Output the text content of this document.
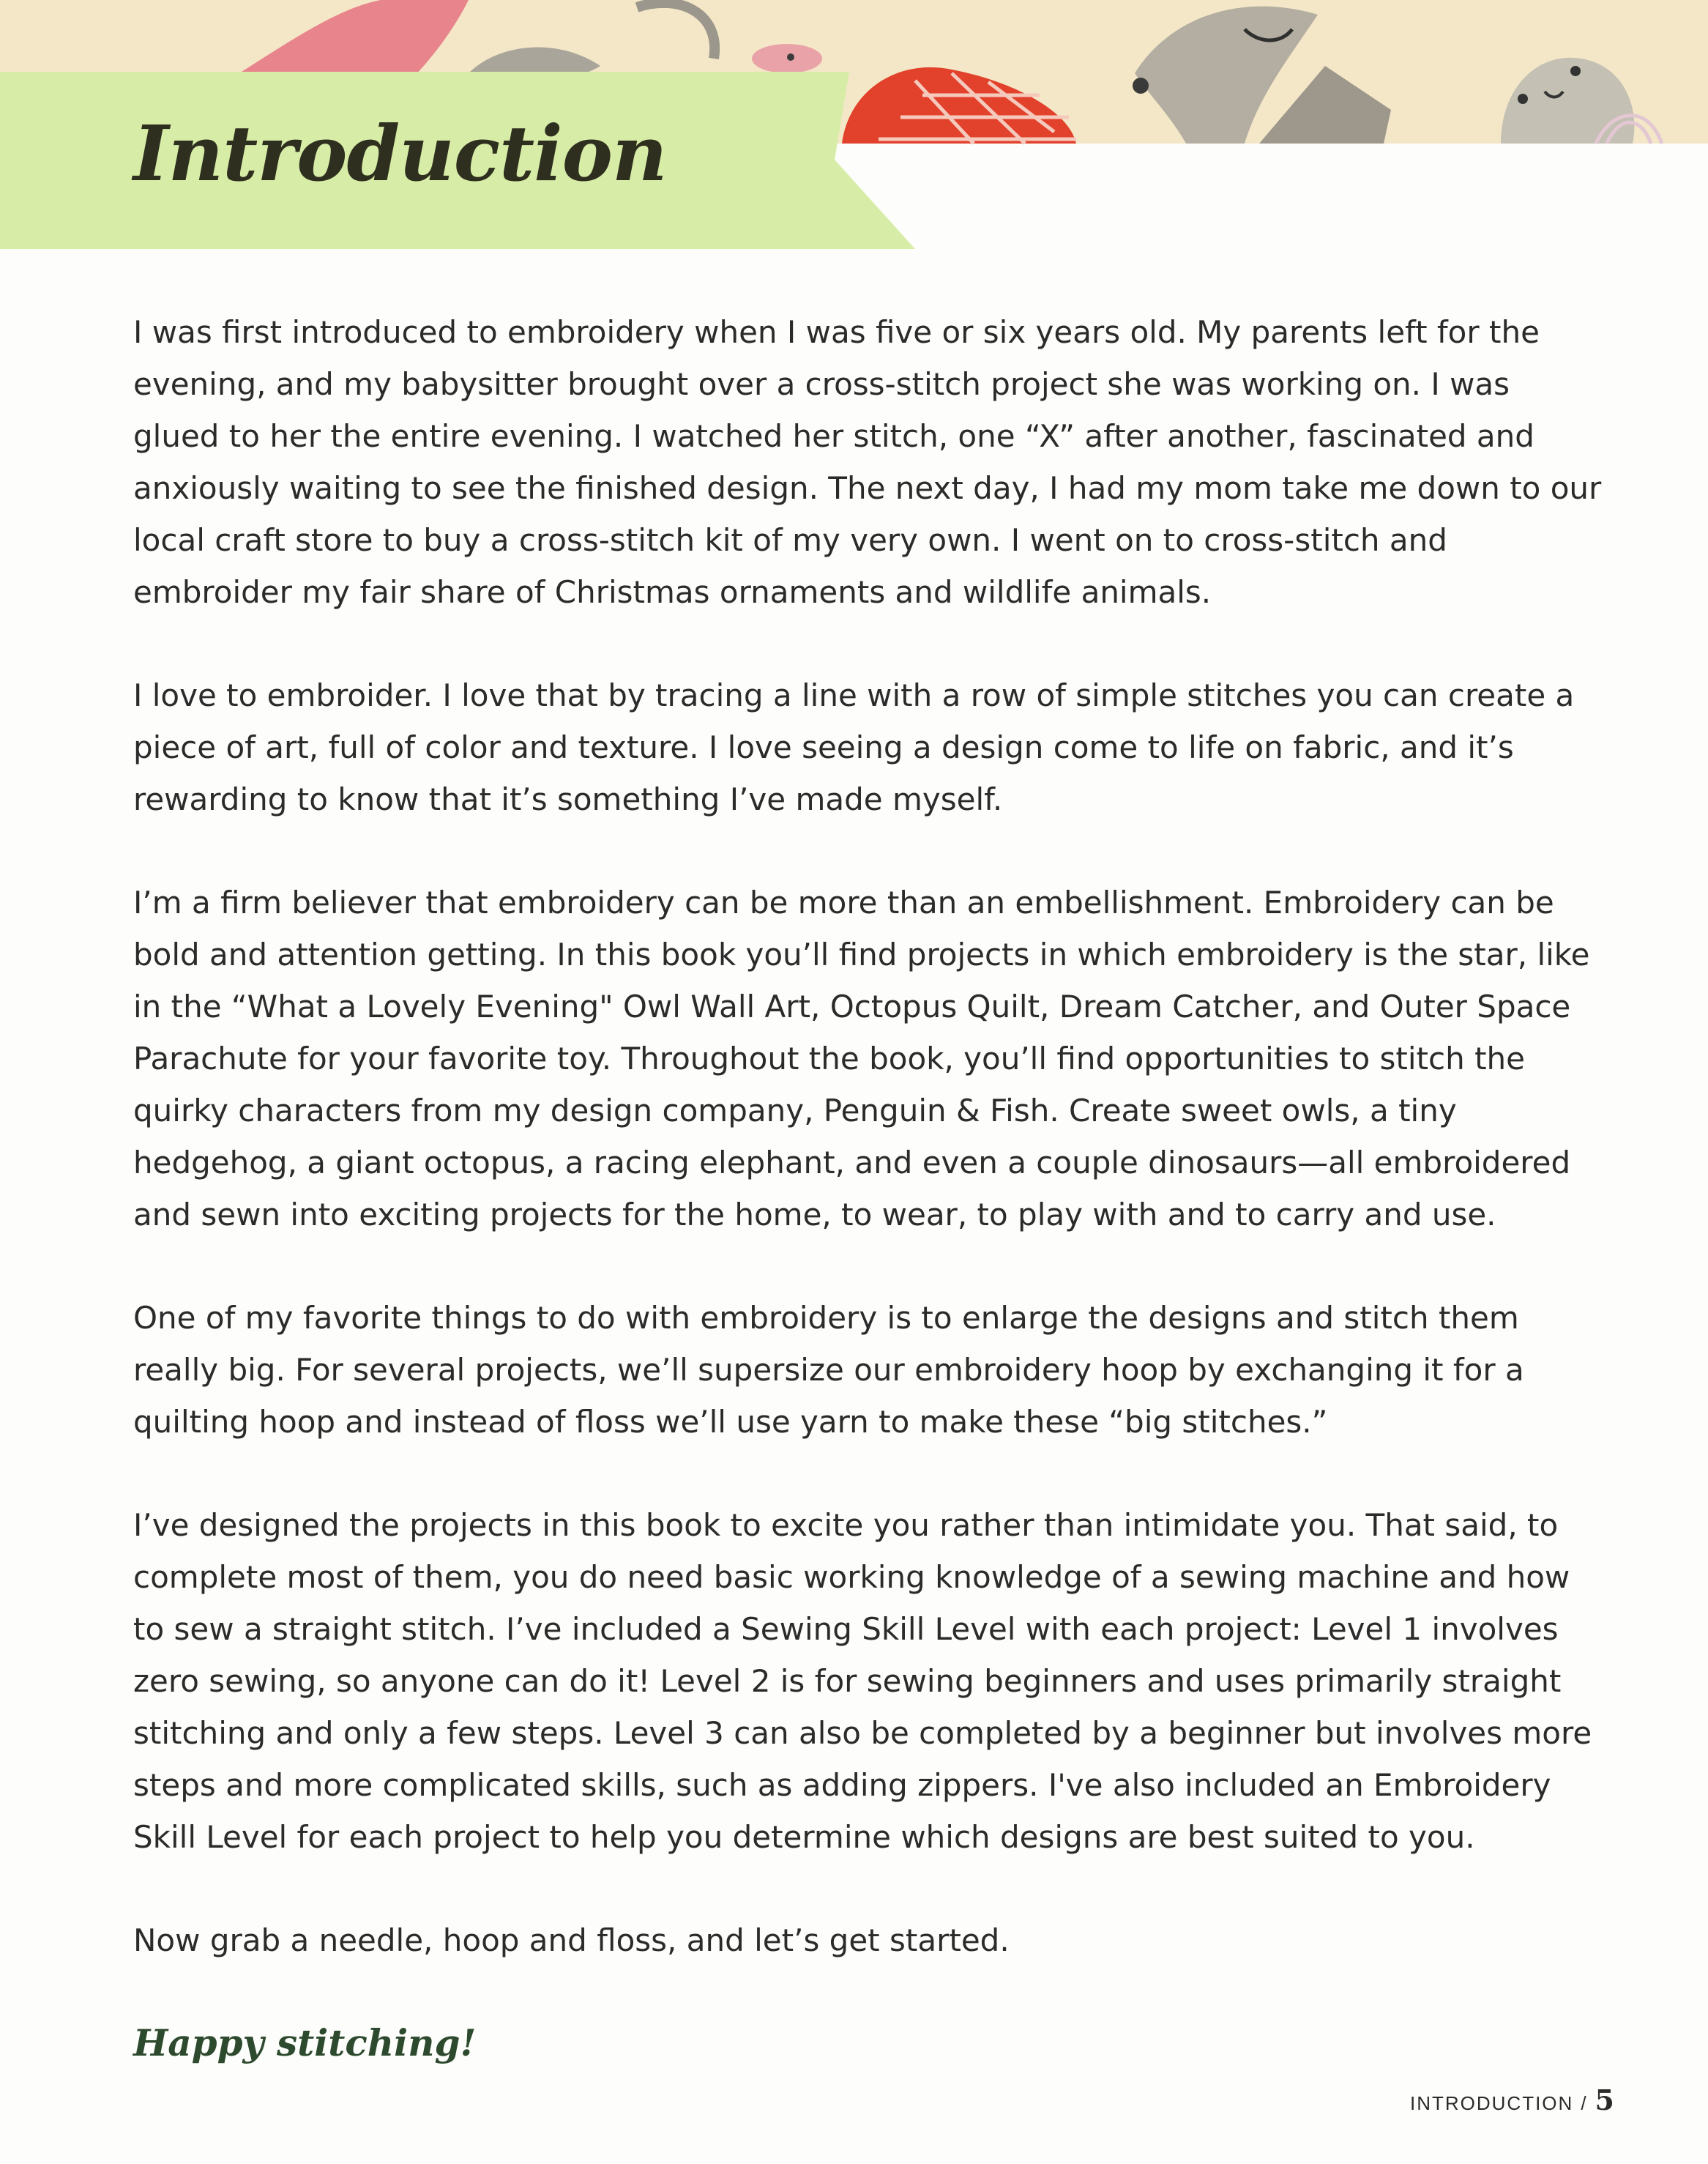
Introduction

I was first introduced to embroidery when I was five or six years old. My parents left for the evening, and my babysitter brought over a cross-stitch project she was working on. I was glued to her the entire evening. I watched her stitch, one “X” after another, fascinated and anxiously waiting to see the finished design. The next day, I had my mom take me down to our local craft store to buy a cross-stitch kit of my very own. I went on to cross-stitch and embroider my fair share of Christmas ornaments and wildlife animals.

I love to embroider. I love that by tracing a line with a row of simple stitches you can create a piece of art, full of color and texture. I love seeing a design come to life on fabric, and it’s rewarding to know that it’s something I’ve made myself.

I’m a firm believer that embroidery can be more than an embellishment. Embroidery can be bold and attention getting. In this book you’ll find projects in which embroidery is the star, like in the “What a Lovely Evening" Owl Wall Art, Octopus Quilt, Dream Catcher, and Outer Space Parachute for your favorite toy. Throughout the book, you’ll find opportunities to stitch the quirky characters from my design company, Penguin & Fish. Create sweet owls, a tiny hedgehog, a giant octopus, a racing elephant, and even a couple dinosaurs—all embroidered and sewn into exciting projects for the home, to wear, to play with and to carry and use.

One of my favorite things to do with embroidery is to enlarge the designs and stitch them really big. For several projects, we’ll supersize our embroidery hoop by exchanging it for a quilting hoop and instead of floss we’ll use yarn to make these “big stitches.”

I’ve designed the projects in this book to excite you rather than intimidate you. That said, to complete most of them, you do need basic working knowledge of a sewing machine and how to sew a straight stitch. I’ve included a Sewing Skill Level with each project: Level 1 involves zero sewing, so anyone can do it! Level 2 is for sewing beginners and uses primarily straight stitching and only a few steps. Level 3 can also be completed by a beginner but involves more steps and more complicated skills, such as adding zippers. I've also included an Embroidery Skill Level for each project to help you determine which designs are best suited to you.

Now grab a needle, hoop and floss, and let’s get started.

Happy stitching!

INTRODUCTION / 5
